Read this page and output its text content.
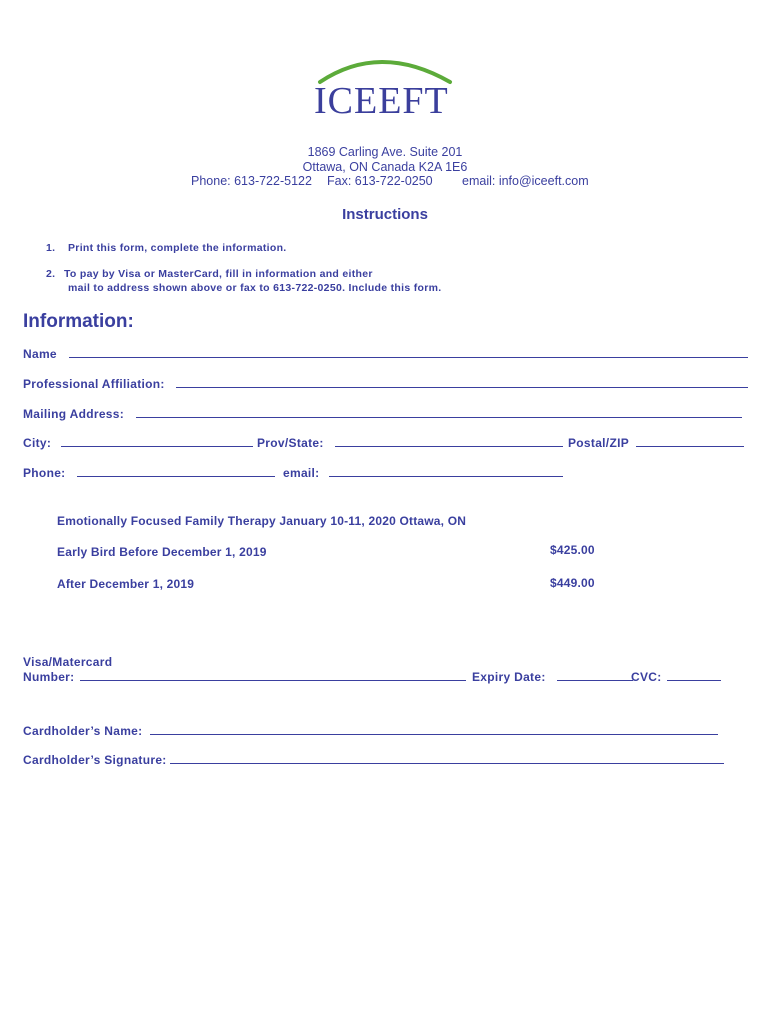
ICEEFT
1869 Carling Ave. Suite 201
Ottawa, ON Canada K2A 1E6
Phone: 613-722-5122 Fax: 613-722-0250 email: info@iceeft.com
Instructions
1. Print this form, complete the information.
2. To pay by Visa or MasterCard, fill in information and either
mail to address shown above or fax to 613-722-0250. Include this form.
Information:
Name
Professional Affiliation:
Mailing Address:
City:	Prov/State:	Postal/ZIP
Phone:	email:
Emotionally Focused Family Therapy January 10-11, 2020 Ottawa, ON
Early Bird Before December 1, 2019	$425.00
After December 1, 2019	$449.00
Visa/Matercard
Number:	Expiry Date:	CVC:
Cardholder’s Name:
Cardholder’s Signature:
